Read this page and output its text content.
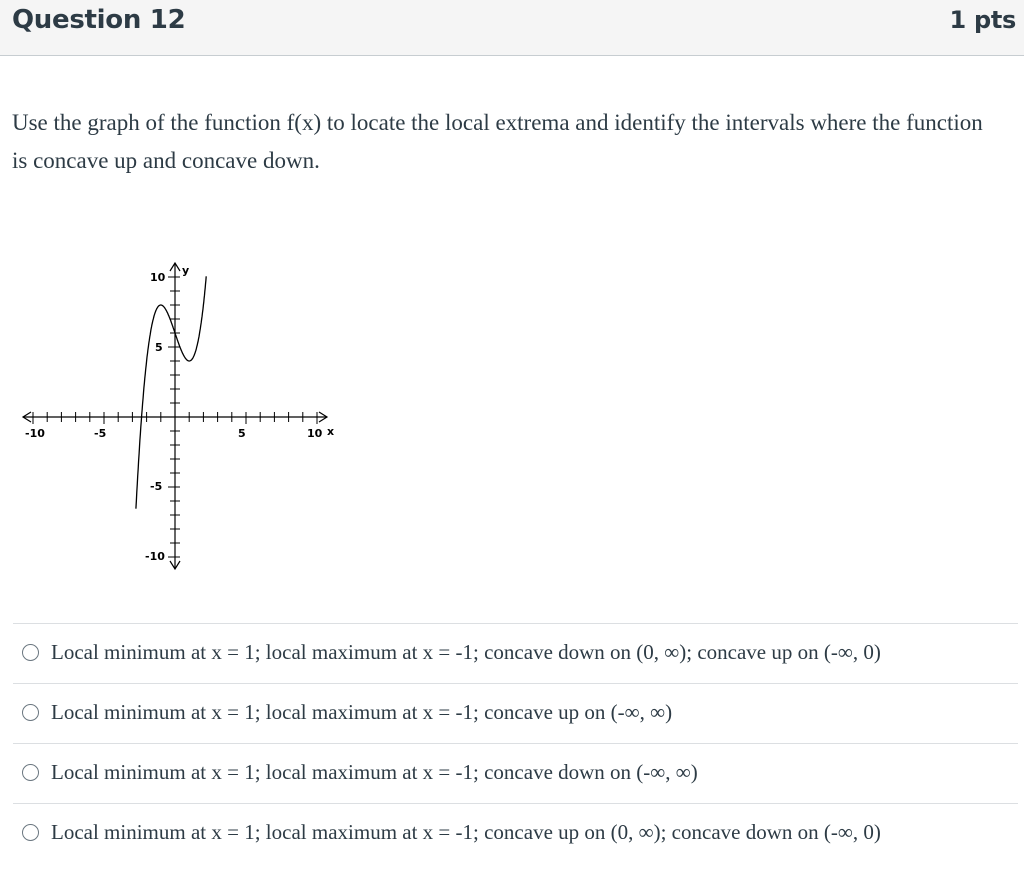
Question 12	1 pts

Use the graph of the function f(x) to locate the local extrema and identify the intervals where the function is concave up and concave down.

-10	-5	5	10 x
10
5
-5
-10
y
Local minimum at x = 1; local maximum at x = -1; concave down on (0, ∞); concave up on (-∞, 0)
Local minimum at x = 1; local maximum at x = -1; concave up on (-∞, ∞)
Local minimum at x = 1; local maximum at x = -1; concave down on (-∞, ∞)
Local minimum at x = 1; local maximum at x = -1; concave up on (0, ∞); concave down on (-∞, 0)
